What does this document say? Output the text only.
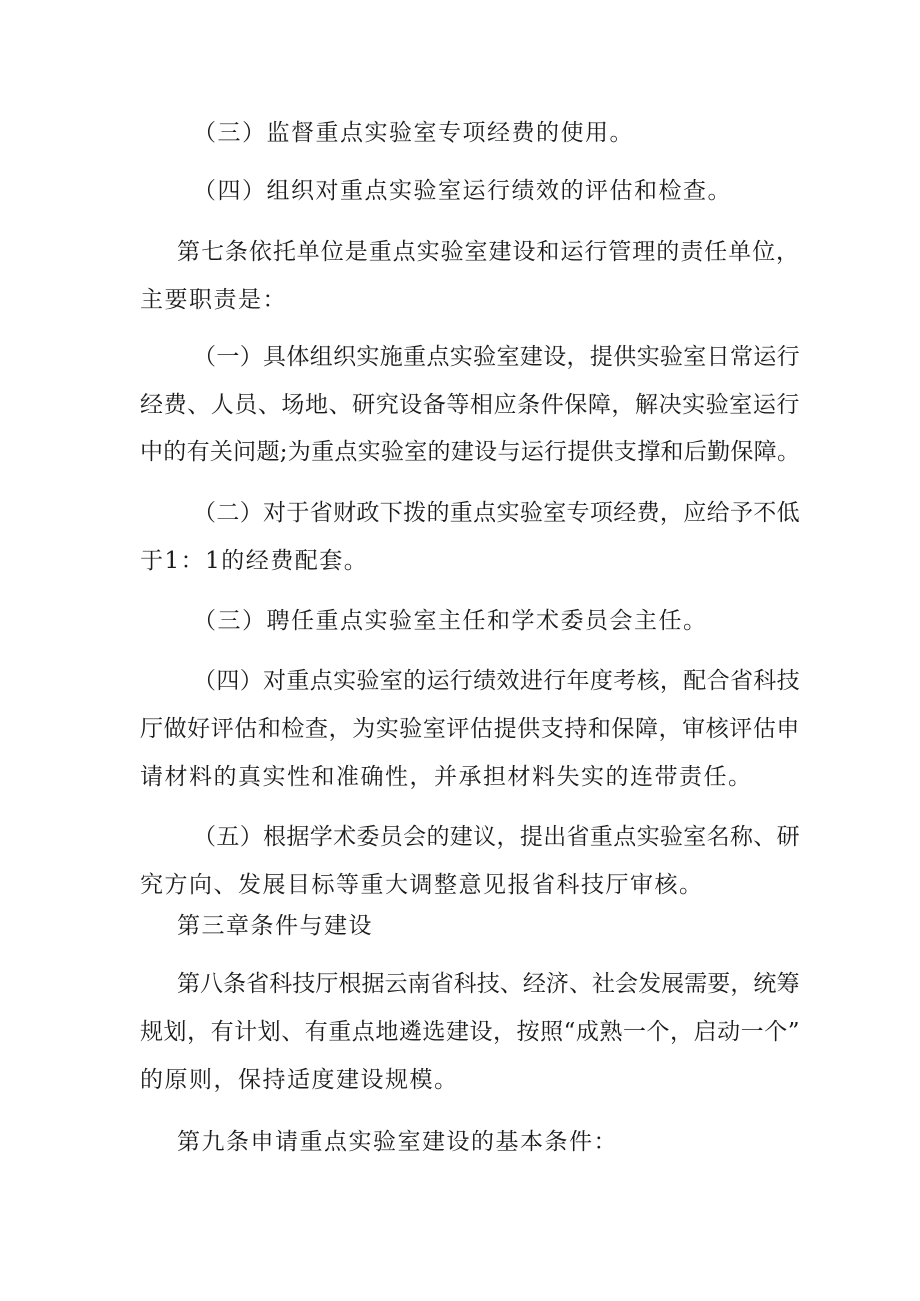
（三）监督重点实验室专项经费的使用。
（四）组织对重点实验室运行绩效的评估和检查。
第七条依托单位是重点实验室建设和运行管理的责任单位，
主要职责是：
（一）具体组织实施重点实验室建设，提供实验室日常运行
经费、人员、场地、研究设备等相应条件保障，解决实验室运行
中的有关问题;为重点实验室的建设与运行提供支撑和后勤保障。
（二）对于省财政下拨的重点实验室专项经费，应给予不低
于1：1的经费配套。
（三）聘任重点实验室主任和学术委员会主任。
（四）对重点实验室的运行绩效进行年度考核，配合省科技
厅做好评估和检查，为实验室评估提供支持和保障，审核评估申
请材料的真实性和准确性，并承担材料失实的连带责任。
（五）根据学术委员会的建议，提出省重点实验室名称、研
究方向、发展目标等重大调整意见报省科技厅审核。
第三章条件与建设
第八条省科技厅根据云南省科技、经济、社会发展需要，统筹
规划，有计划、有重点地遴选建设，按照“成熟一个，启动一个”
的原则，保持适度建设规模。
第九条申请重点实验室建设的基本条件：
